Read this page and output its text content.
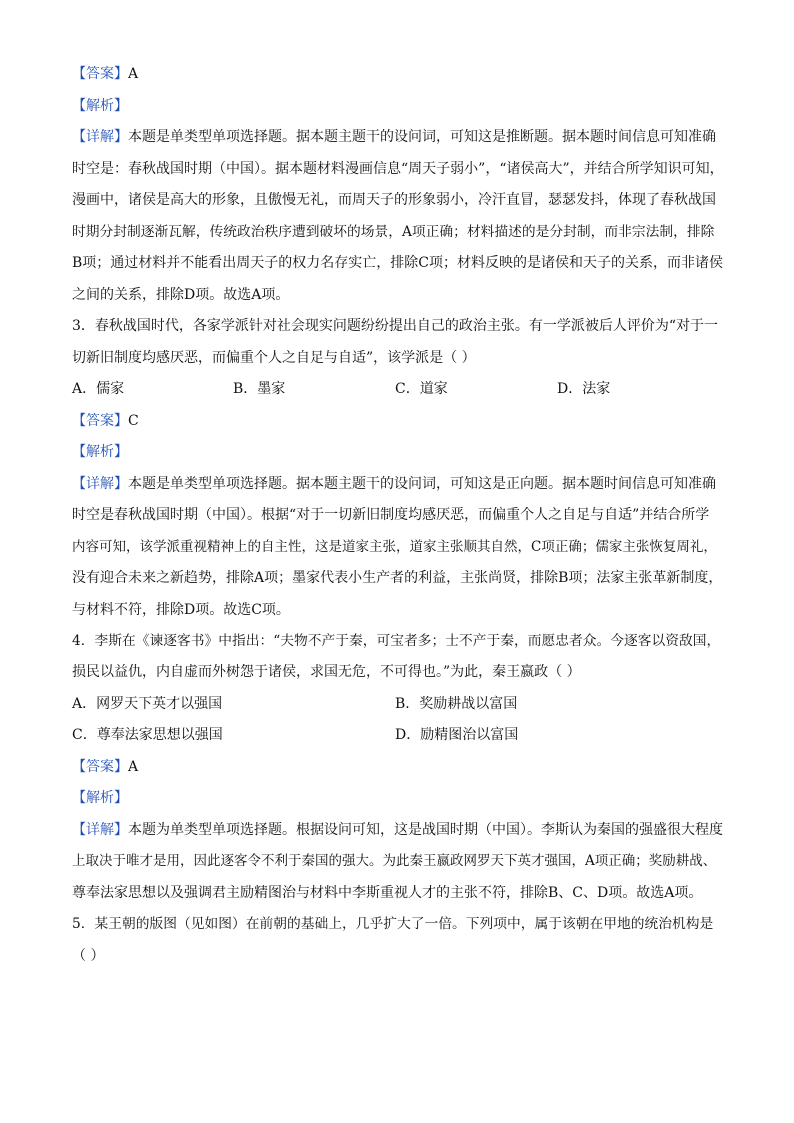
【答案】A
【解析】
【详解】本题是单类型单项选择题。据本题主题干的设问词，可知这是推断题。据本题时间信息可知准确
时空是：春秋战国时期（中国）。据本题材料漫画信息“周天子弱小”，“诸侯高大”，并结合所学知识可知，
漫画中，诸侯是高大的形象，且傲慢无礼，而周天子的形象弱小，冷汗直冒，瑟瑟发抖，体现了春秋战国
时期分封制逐渐瓦解，传统政治秩序遭到破坏的场景，A项正确；材料描述的是分封制，而非宗法制，排除
B项；通过材料并不能看出周天子的权力名存实亡，排除C项；材料反映的是诸侯和天子的关系，而非诸侯
之间的关系，排除D项。故选A项。
3．春秋战国时代，各家学派针对社会现实问题纷纷提出自己的政治主张。有一学派被后人评价为“对于一
切新旧制度均感厌恶，而偏重个人之自足与自适”，该学派是（ ）
A．儒家	B．墨家	C．道家	D．法家
【答案】C
【解析】
【详解】本题是单类型单项选择题。据本题主题干的设问词，可知这是正向题。据本题时间信息可知准确
时空是春秋战国时期（中国）。根据“对于一切新旧制度均感厌恶，而偏重个人之自足与自适”并结合所学
内容可知，该学派重视精神上的自主性，这是道家主张，道家主张顺其自然，C项正确；儒家主张恢复周礼，
没有迎合未来之新趋势，排除A项；墨家代表小生产者的利益，主张尚贤，排除B项；法家主张革新制度，
与材料不符，排除D项。故选C项。
4．李斯在《谏逐客书》中指出：“夫物不产于秦，可宝者多；士不产于秦，而愿忠者众。今逐客以资敌国，
损民以益仇，内自虚而外树怨于诸侯，求国无危，不可得也。”为此，秦王嬴政（ ）
A．网罗天下英才以强国	B．奖励耕战以富国
C．尊奉法家思想以强国	D．励精图治以富国
【答案】A
【解析】
【详解】本题为单类型单项选择题。根据设问可知，这是战国时期（中国）。李斯认为秦国的强盛很大程度
上取决于唯才是用，因此逐客令不利于秦国的强大。为此秦王嬴政网罗天下英才强国，A项正确；奖励耕战、
尊奉法家思想以及强调君主励精图治与材料中李斯重视人才的主张不符，排除B、C、D项。故选A项。
5．某王朝的版图（见如图）在前朝的基础上，几乎扩大了一倍。下列项中，属于该朝在甲地的统治机构是
（ ）
